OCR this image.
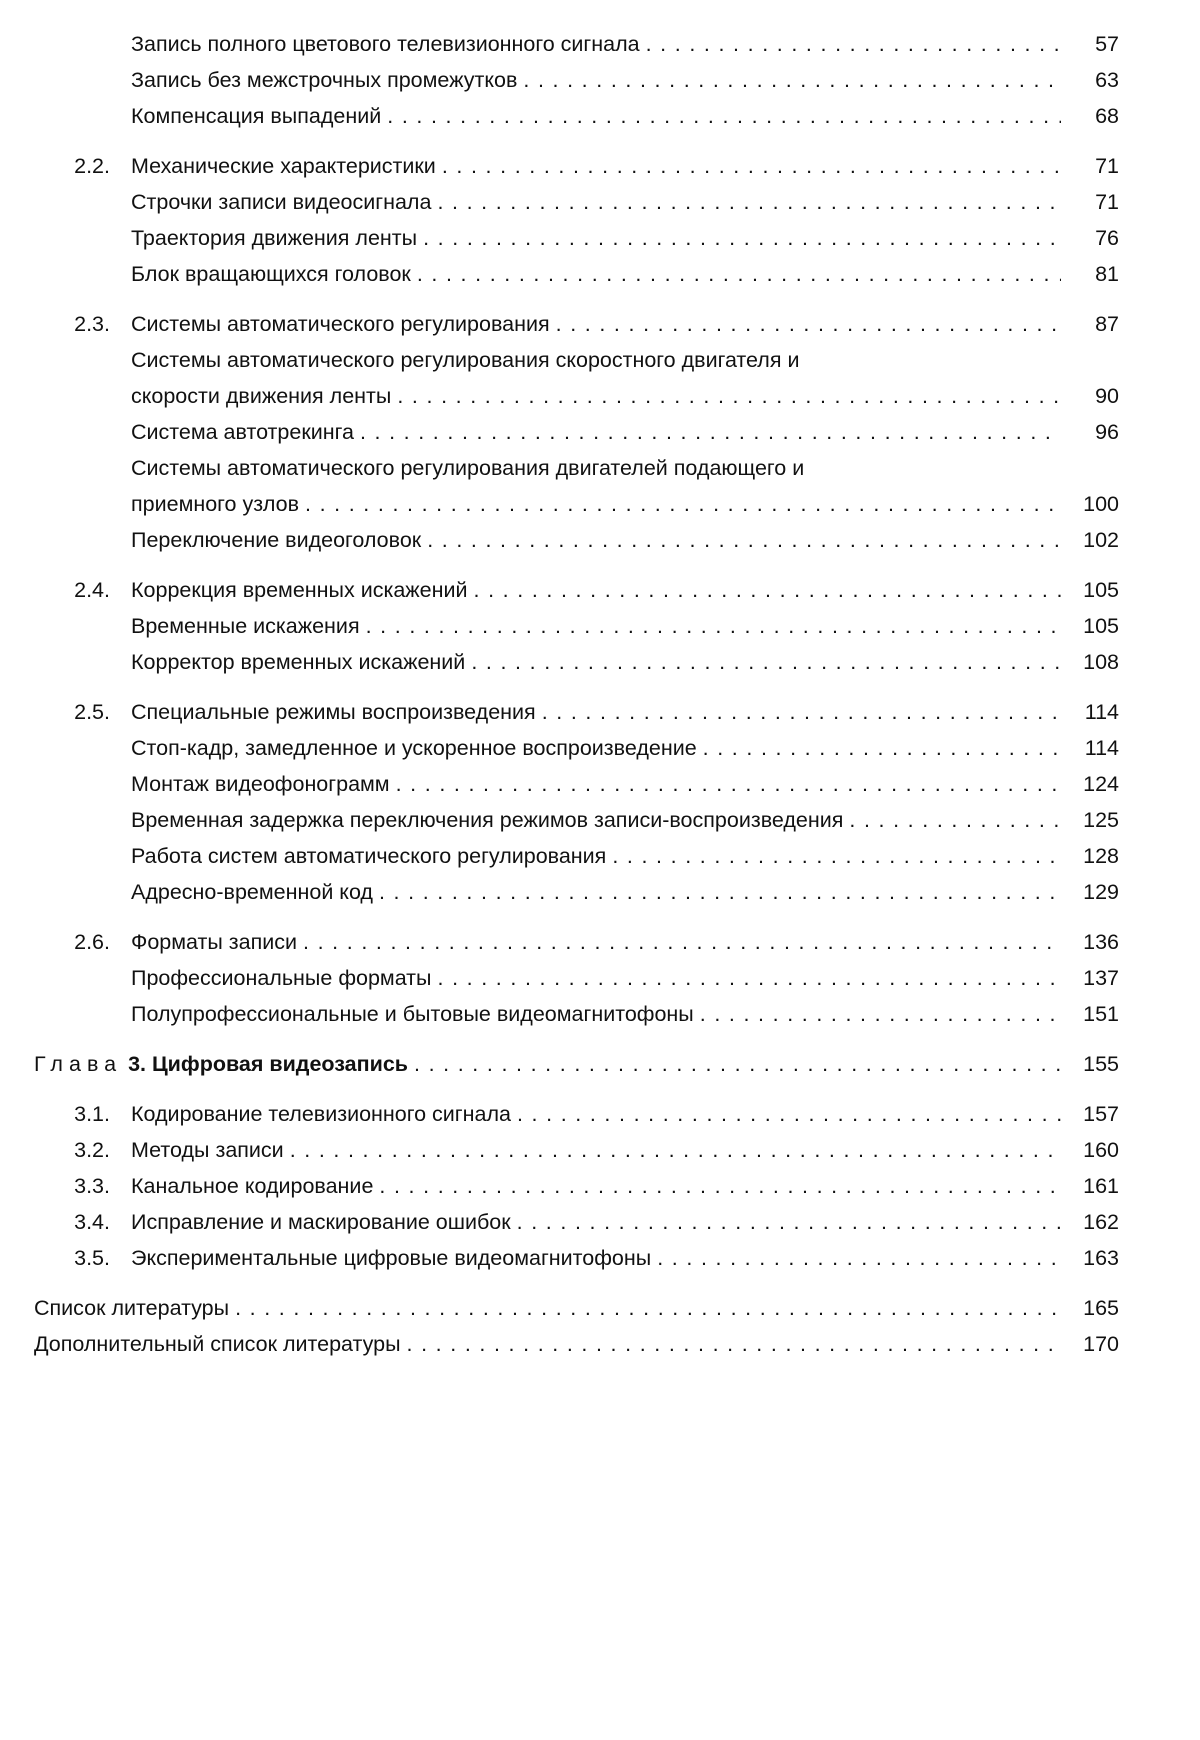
Запись полного цветового телевизионного сигнала .....	57
Запись без межстрочных промежутков .....	63
Компенсация выпадений .....	68
2.2. Механические характеристики .....	71
Строчки записи видеосигнала .....	71
Траектория движения ленты .....	76
Блок вращающихся головок .....	81
2.3. Системы автоматического регулирования .....	87
Системы автоматического регулирования скоростного двигателя и
скорости движения ленты .....	90
Система автотрекинга .....	96
Системы автоматического регулирования двигателей подающего и
приемного узлов .....	100
Переключение видеоголовок .....	102
2.4. Коррекция временных искажений .....	105
Временные искажения .....	105
Корректор временных искажений .....	108
2.5. Специальные режимы воспроизведения .....	114
Стоп-кадр, замедленное и ускоренное воспроизведение .....	114
Монтаж видеофонограмм .....	124
Временная задержка переключения режимов записи-воспроизведения .....	125
Работа систем автоматического регулирования .....	128
Адресно-временной код .....	129
2.6. Форматы записи .....	136
Профессиональные форматы .....	137
Полупрофессиональные и бытовые видеомагнитофоны .....	151
Глава
3. Цифровая видеозапись .....	155
3.1. Кодирование телевизионного сигнала .....	157
3.2. Методы записи .....	160
3.3. Канальное кодирование .....	161
3.4. Исправление и маскирование ошибок .....	162
3.5. Экспериментальные цифровые видеомагнитофоны .....	163
Список литературы .....	165
Дополнительный список литературы .....	170
